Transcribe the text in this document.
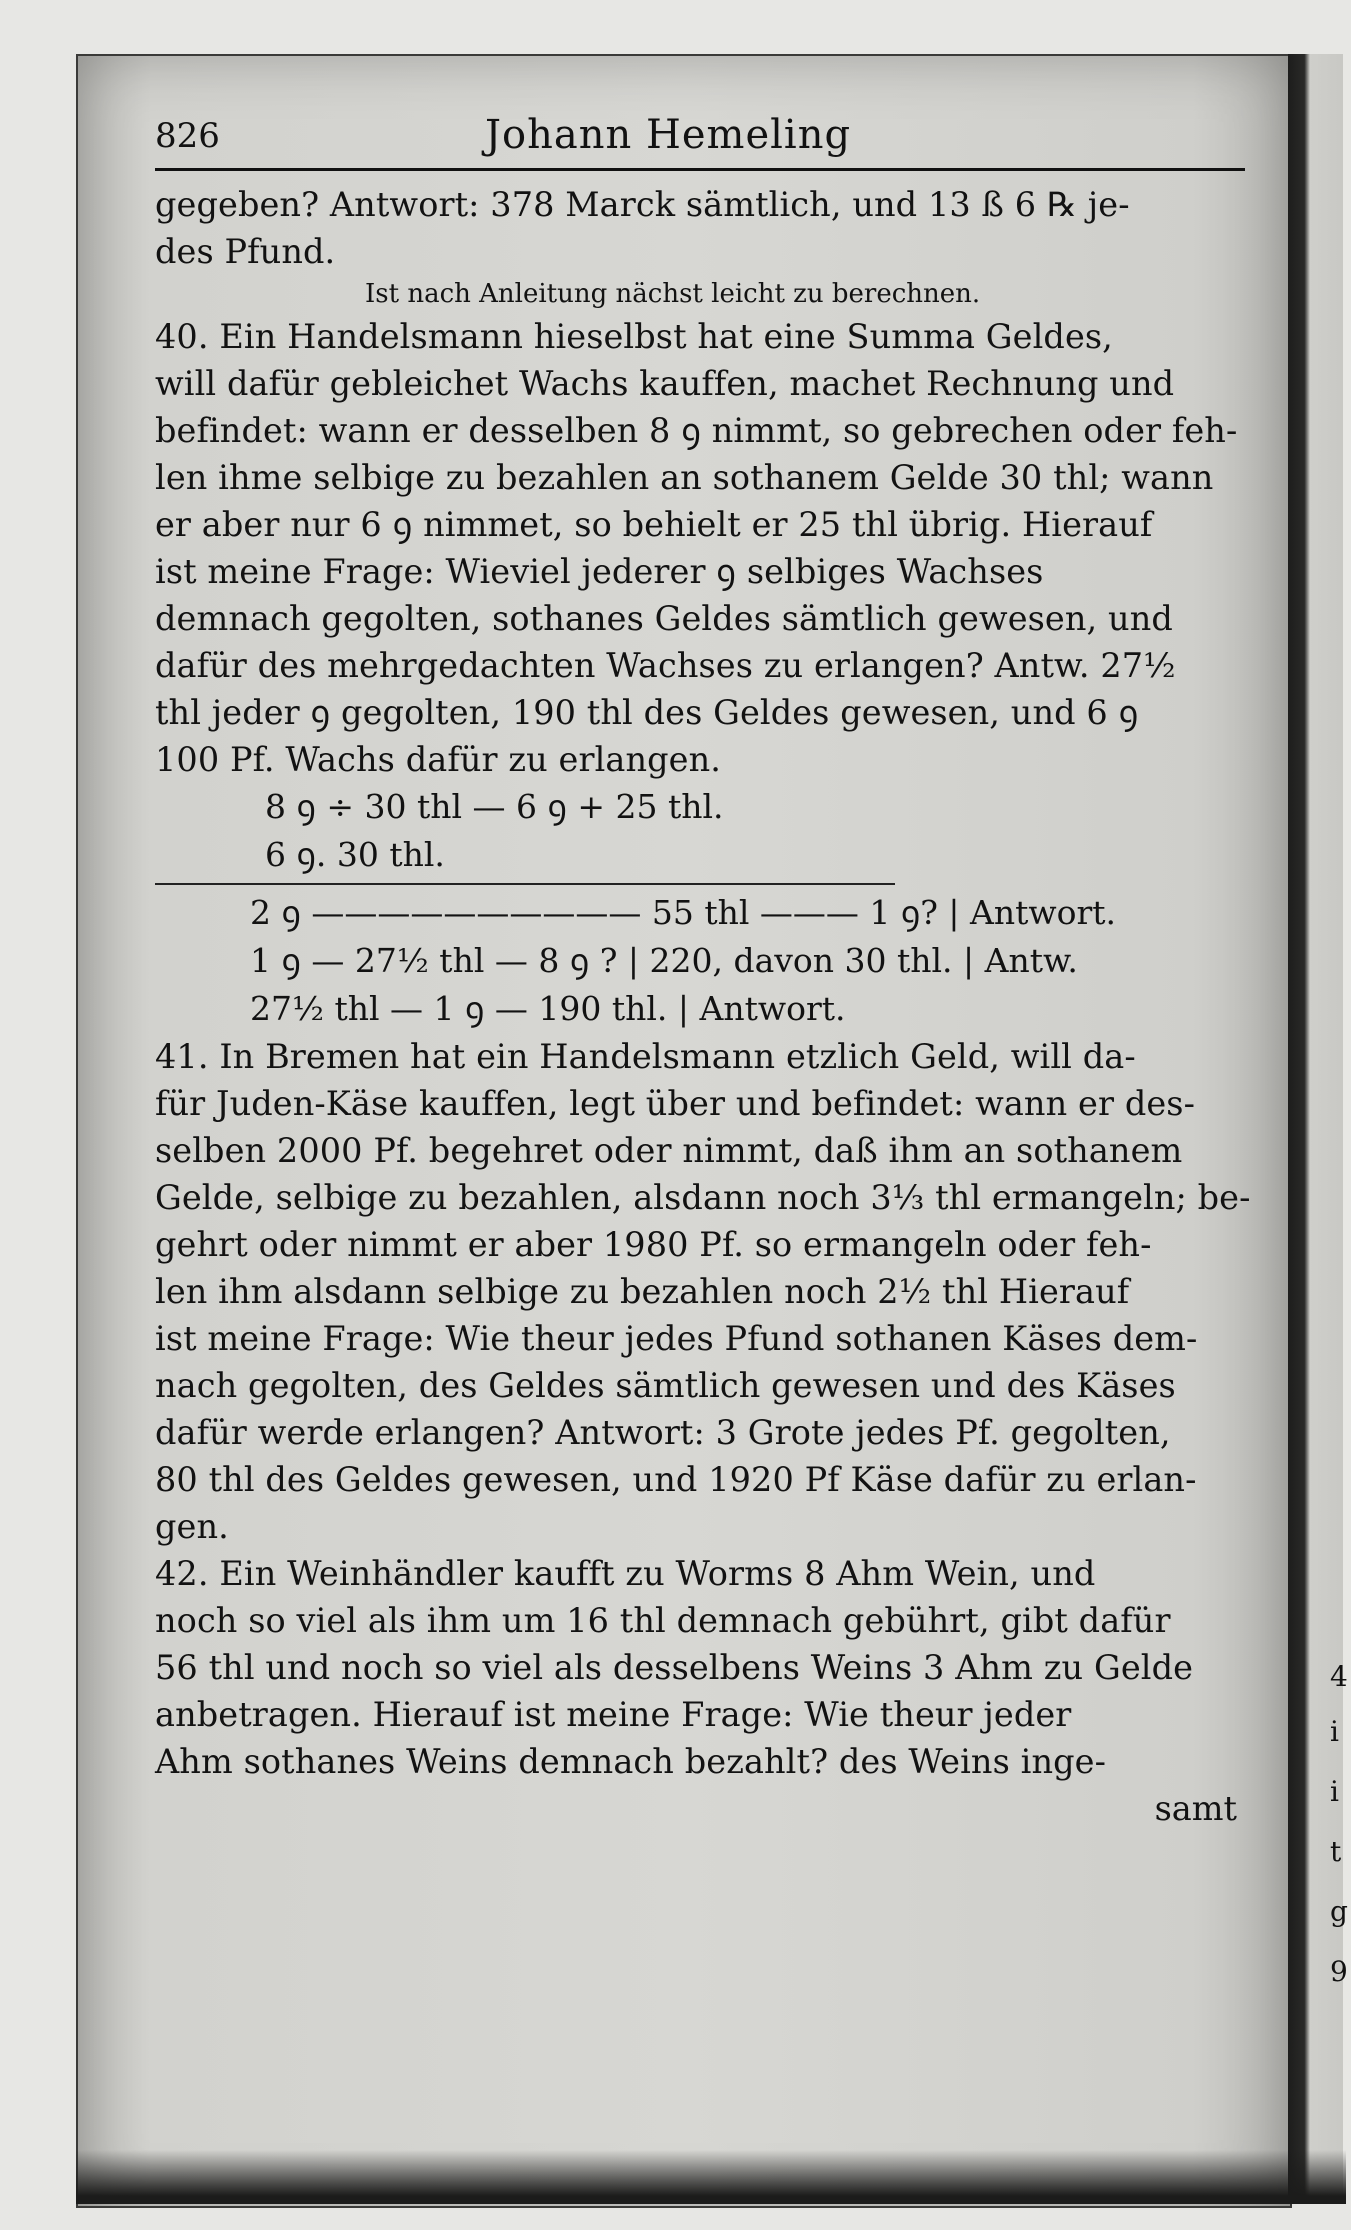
4
i
i
t
g
9
826	Johann Hemeling
gegeben? Antwort: 378 Marck sämtlich, und 13 ß 6 ℞ je-
des Pfund.
Ist nach Anleitung nächst leicht zu berechnen.
40. Ein Handelsmann hieselbst hat eine Summa Geldes,
will dafür gebleichet Wachs kauffen, machet Rechnung und
befindet: wann er desselben 8 ꝯ nimmt, so gebrechen oder feh-
len ihme selbige zu bezahlen an sothanem Gelde 30 thl; wann
er aber nur 6 ꝯ nimmet, so behielt er 25 thl übrig. Hierauf
ist meine Frage: Wieviel jederer ꝯ selbiges Wachses
demnach gegolten, sothanes Geldes sämtlich gewesen, und
dafür des mehrgedachten Wachses zu erlangen? Antw. 27½
thl jeder ꝯ gegolten, 190 thl des Geldes gewesen, und 6 ꝯ
100 Pf. Wachs dafür zu erlangen.
8 ꝯ ÷ 30 thl — 6 ꝯ + 25 thl.
6 ꝯ. 30 thl.
2 ꝯ —————————— 55 thl ——— 1 ꝯ? | Antwort.
1 ꝯ — 27½ thl — 8 ꝯ ? | 220, davon 30 thl. | Antw.
27½ thl — 1 ꝯ — 190 thl. | Antwort.
41. In Bremen hat ein Handelsmann etzlich Geld, will da-
für Juden-Käse kauffen, legt über und befindet: wann er des-
selben 2000 Pf. begehret oder nimmt, daß ihm an sothanem
Gelde, selbige zu bezahlen, alsdann noch 3⅓ thl ermangeln; be-
gehrt oder nimmt er aber 1980 Pf. so ermangeln oder feh-
len ihm alsdann selbige zu bezahlen noch 2½ thl Hierauf
ist meine Frage: Wie theur jedes Pfund sothanen Käses dem-
nach gegolten, des Geldes sämtlich gewesen und des Käses
dafür werde erlangen? Antwort: 3 Grote jedes Pf. gegolten,
80 thl des Geldes gewesen, und 1920 Pf Käse dafür zu erlan-
gen.
42. Ein Weinhändler kaufft zu Worms 8 Ahm Wein, und
noch so viel als ihm um 16 thl demnach gebührt, gibt dafür
56 thl und noch so viel als desselbens Weins 3 Ahm zu Gelde
anbetragen. Hierauf ist meine Frage: Wie theur jeder
Ahm sothanes Weins demnach bezahlt? des Weins inge-
samt
